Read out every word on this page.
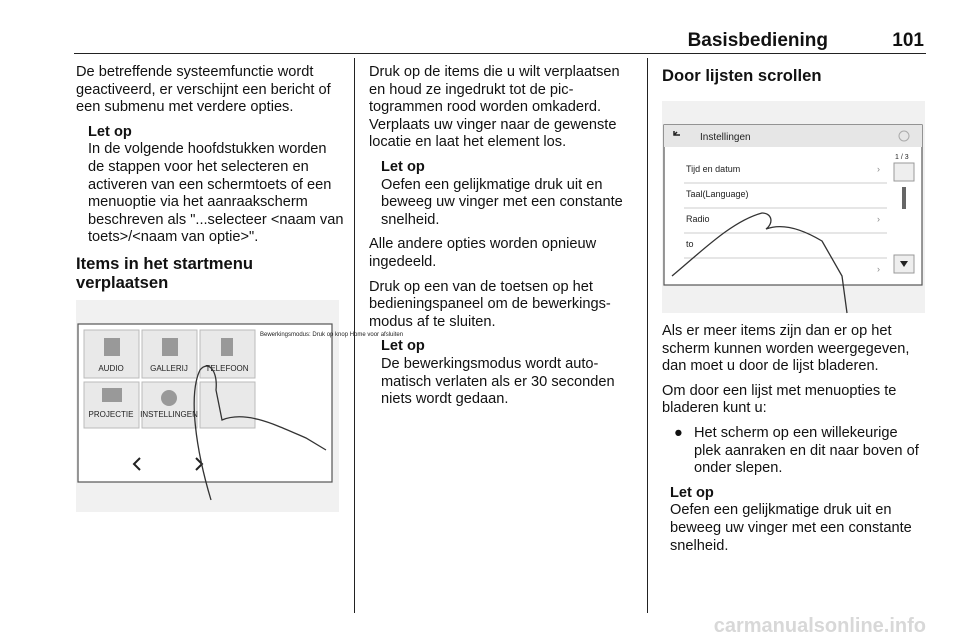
Basisbediening	101

De betreffende systeemfunctie wordt geactiveerd, er verschijnt een bericht of een submenu met verdere opties.

Let op
In de volgende hoofdstukken worden de stappen voor het selecteren en activeren van een schermtoets of een menuoptie via het aanraakscherm beschreven als "...selecteer <naam van toets>/<naam van optie>".
Items in het startmenu verplaatsen
AUDIO	GALLERIJ TELEFOON
PROJECTIE INSTELLINGEN
Bewerkingsmodus: Druk op knop Home voor afsluiten

Druk op de items die u wilt verplaatsen en houd ze ingedrukt tot de pictogrammen rood worden omkaderd. Verplaats uw vinger naar de gewenste locatie en laat het element los.

Let op
Oefen een gelijkmatige druk uit en beweeg uw vinger met een constante snelheid.

Alle andere opties worden opnieuw ingedeeld.

Druk op een van de toetsen op het bedieningspaneel om de bewerkingsmodus af te sluiten.

Let op
De bewerkingsmodus wordt automatisch verlaten als er 30 seconden niets wordt gedaan.
Door lijsten scrollen
Instellingen
Tijd en datum
Taal(Language)
Radio
to
›
›
›
1 / 3

Als er meer items zijn dan er op het scherm kunnen worden weergegeven, dan moet u door de lijst bladeren.

Om door een lijst met menuopties te bladeren kunt u:

● Het scherm op een willekeurige plek aanraken en dit naar boven of onder slepen.
Let op
Oefen een gelijkmatige druk uit en beweeg uw vinger met een constante snelheid.
carmanualsonline.info
